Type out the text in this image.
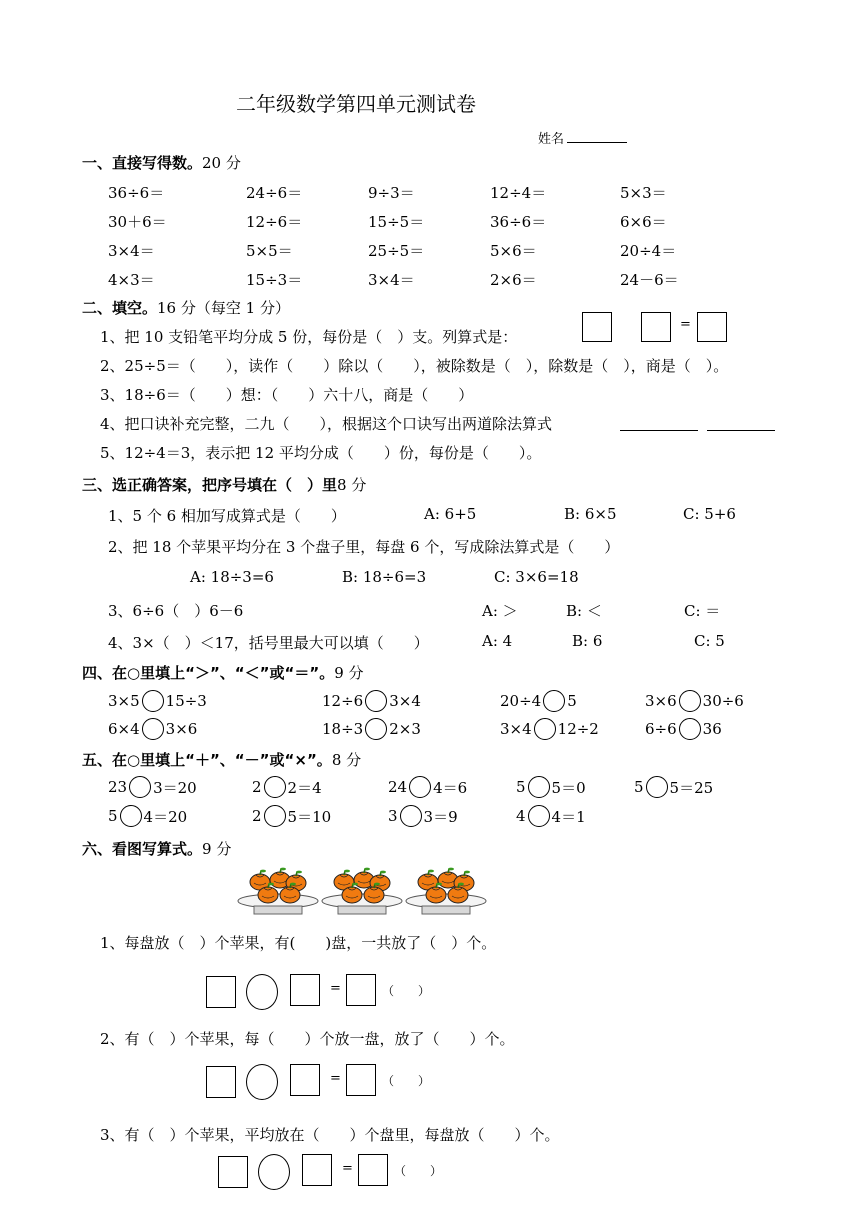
二年级数学第四单元测试卷
姓名
一、直接写得数。20 分
36÷6＝	24÷6＝	9÷3＝	12÷4＝	5×3＝
30＋6＝	12÷6＝	15÷5＝	36÷6＝	6×6＝
3×4＝	5×5＝	25÷5＝	5×6＝	20÷4＝
4×3＝	15÷3＝	3×4＝	2×6＝	24－6＝
二、填空。16 分（每空 1 分）
1、把 10 支铅笔平均分成 5 份，每份是（　）支。列算式是：
=
2、25÷5＝（　　），读作（　　）除以（　　），被除数是（　），除数是（　），商是（　）。
3、18÷6＝（　　）想：（　　）六十八，商是（　　）
4、把口诀补充完整，二九（　　），根据这个口诀写出两道除法算式
5、12÷4＝3，表示把 12 平均分成（　　）份，每份是（　　）。
三、选正确答案，把序号填在（　）里8 分
1、5 个 6 相加写成算式是（　　）	A: 6+5	B: 6×5	C: 5+6
2、把 18 个苹果平均分在 3 个盘子里，每盘 6 个，写成除法算式是（　　）
A: 18÷3=6	B: 18÷6=3	C: 3×6=18
3、6÷6（　）6－6	A: ＞	B: ＜	C: ＝
4、3×（　）＜17，括号里最大可以填（　　）	A: 4	B: 6	C: 5
四、在○里填上“＞”、“＜”或“＝”。9 分
3×5 15÷3	12÷6 3×4	20÷4 5	3×6 30÷6
6×4 3×6	18÷3 2×3	3×4 12÷2	6÷6 36
五、在○里填上“＋”、“－”或“×”。8 分
23 3＝20	2 2＝4	24 4＝6	5 5＝0	5 5＝25
5 4＝20	2 5＝10	3 3＝9	4 4＝1
六、看图写算式。9 分
1、每盘放（　）个苹果，有(　　)盘，一共放了（　）个。
=	（　　）
2、有（　）个苹果，每（　　）个放一盘，放了（　　）个。
=	（　　）
3、有（　）个苹果，平均放在（　　）个盘里，每盘放（　　）个。
=	（　　）
